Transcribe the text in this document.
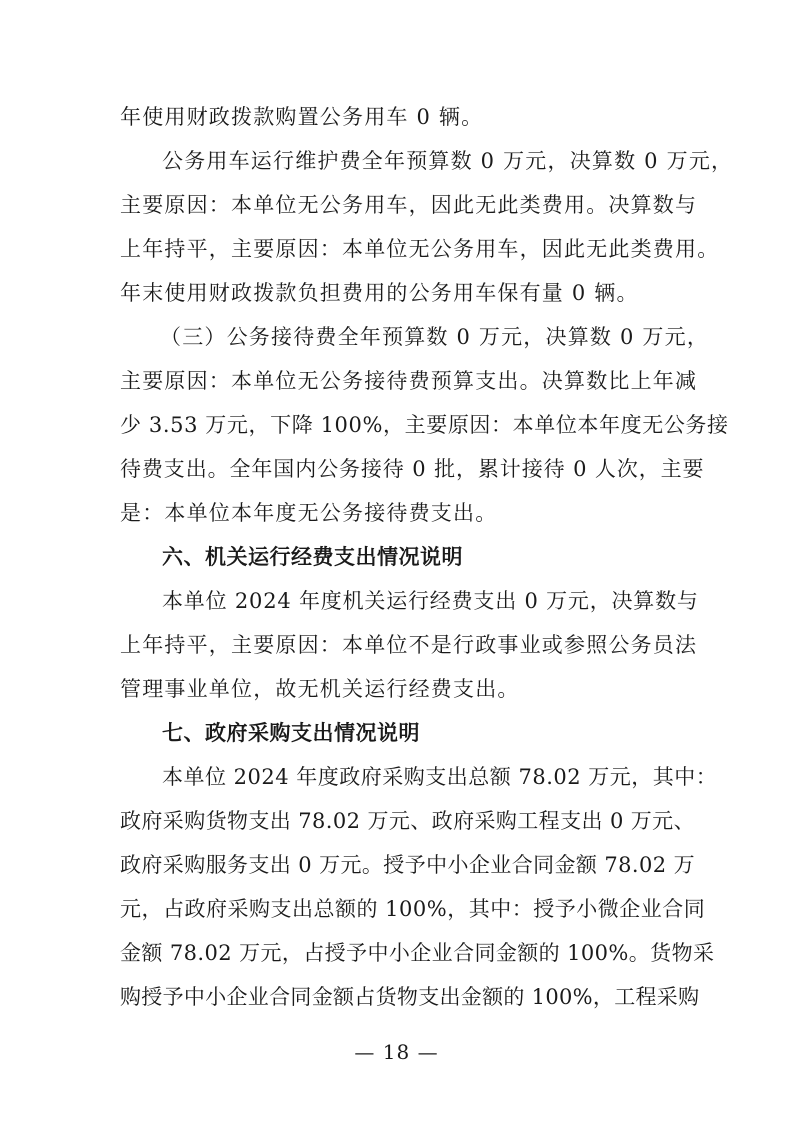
年使用财政拨款购置公务用车 0 辆。
公务用车运行维护费全年预算数 0 万元，决算数 0 万元，
主要原因：本单位无公务用车，因此无此类费用。决算数与
上年持平，主要原因：本单位无公务用车，因此无此类费用。
年末使用财政拨款负担费用的公务用车保有量 0 辆。
（三）公务接待费全年预算数 0 万元，决算数 0 万元，
主要原因：本单位无公务接待费预算支出。决算数比上年减
少 3.53 万元，下降 100%，主要原因：本单位本年度无公务接
待费支出。全年国内公务接待 0 批，累计接待 0 人次，主要
是：本单位本年度无公务接待费支出。
六、机关运行经费支出情况说明
本单位 2024 年度机关运行经费支出 0 万元，决算数与
上年持平，主要原因：本单位不是行政事业或参照公务员法
管理事业单位，故无机关运行经费支出。
七、政府采购支出情况说明
本单位 2024 年度政府采购支出总额 78.02 万元，其中：
政府采购货物支出 78.02 万元、政府采购工程支出 0 万元、
政府采购服务支出 0 万元。授予中小企业合同金额 78.02 万
元，占政府采购支出总额的 100%，其中：授予小微企业合同
金额 78.02 万元，占授予中小企业合同金额的 100%。货物采
购授予中小企业合同金额占货物支出金额的 100%，工程采购
— 18 —
